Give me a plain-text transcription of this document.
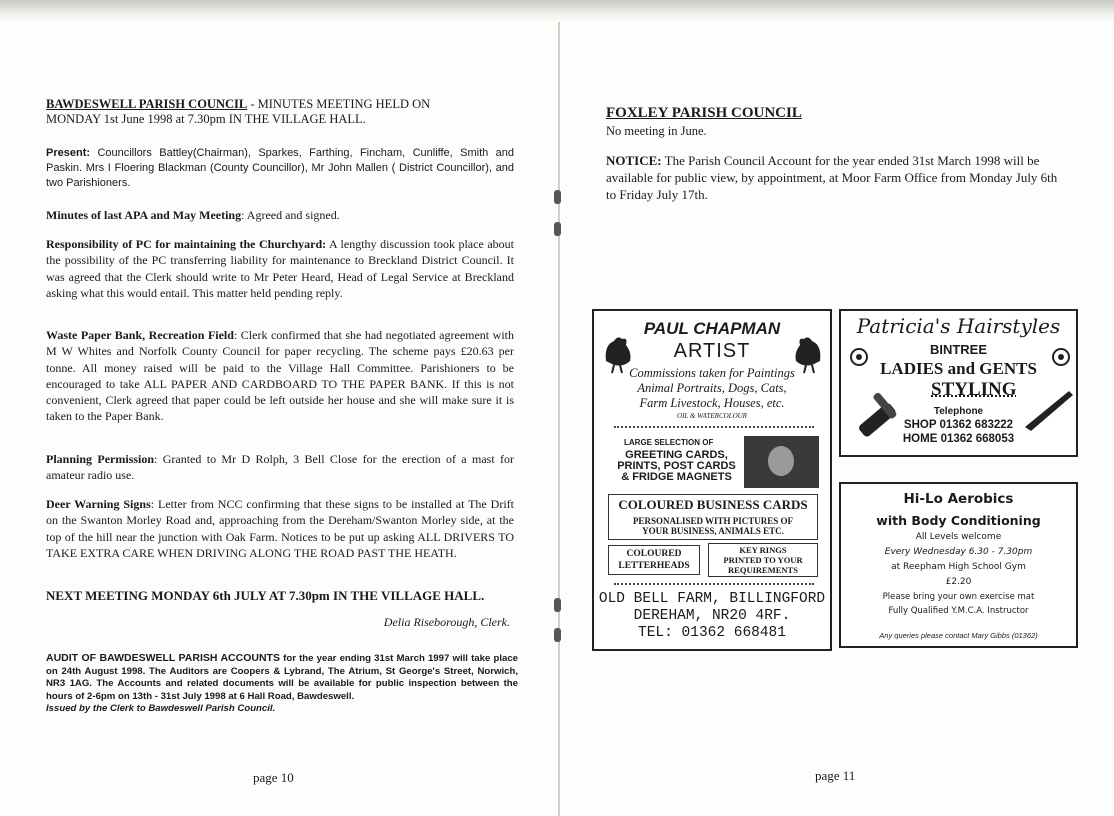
BAWDESWELL PARISH COUNCIL - MINUTES MEETING HELD ON
MONDAY 1st June 1998 at 7.30pm IN THE VILLAGE HALL.
Present: Councillors Battley(Chairman), Sparkes, Farthing, Fincham, Cunliffe, Smith and Paskin. Mrs I Floering Blackman (County Councillor), Mr John Mallen ( District Councillor), and two Parishioners.
Minutes of last APA and May Meeting: Agreed and signed.
Responsibility of PC for maintaining the Churchyard: A lengthy discussion took place about the possibility of the PC transferring liability for maintenance to Breckland District Council. It was agreed that the Clerk should write to Mr Peter Heard, Head of Legal Service at Breckland asking what this would entail. This matter held pending reply.
Waste Paper Bank, Recreation Field: Clerk confirmed that she had negotiated agreement with M W Whites and Norfolk County Council for paper recycling. The scheme pays £20.63 per tonne. All money raised will be paid to the Village Hall Committee. Parishioners to be encouraged to take ALL PAPER AND CARDBOARD TO THE PAPER BANK. If this is not convenient, Clerk agreed that paper could be left outside her house and she will make sure it is taken to the Paper Bank.
Planning Permission: Granted to Mr D Rolph, 3 Bell Close for the erection of a mast for amateur radio use.
Deer Warning Signs: Letter from NCC confirming that these signs to be installed at The Drift on the Swanton Morley Road and, approaching from the Dereham/Swanton Morley side, at the top of the hill near the junction with Oak Farm. Notices to be put up asking ALL DRIVERS TO TAKE EXTRA CARE WHEN DRIVING ALONG THE ROAD PAST THE HEATH.
NEXT MEETING MONDAY 6th JULY AT 7.30pm IN THE VILLAGE HALL.
Delia Riseborough, Clerk.
AUDIT OF BAWDESWELL PARISH ACCOUNTS for the year ending 31st March 1997 will take place on 24th August 1998. The Auditors are Coopers & Lybrand, The Atrium, St George's Street, Norwich, NR3 1AG. The Accounts and related documents will be available for public inspection between the hours of 2-6pm on 13th - 31st July 1998 at 6 Hall Road, Bawdeswell.
Issued by the Clerk to Bawdeswell Parish Council.
page 10
FOXLEY PARISH COUNCIL
No meeting in June.
NOTICE: The Parish Council Account for the year ended 31st March 1998 will be available for public view, by appointment, at Moor Farm Office from Monday July 6th to Friday July 17th.
PAUL CHAPMAN
ARTIST
Commissions taken for Paintings
Animal Portraits, Dogs, Cats,
Farm Livestock, Houses, etc.
OIL & WATERCOLOUR
LARGE SELECTION OF
GREETING CARDS,
PRINTS, POST CARDS
& FRIDGE MAGNETS
COLOURED BUSINESS CARDS
PERSONALISED WITH PICTURES OF
YOUR BUSINESS, ANIMALS ETC.
COLOURED
LETTERHEADS
KEY RINGS
PRINTED TO YOUR
REQUIREMENTS
OLD BELL FARM, BILLINGFORD
DEREHAM, NR20 4RF.
TEL: 01362 668481
Patricia's Hairstyles
BINTREE
LADIES and GENTS
STYLING
Telephone
SHOP 01362 683222
HOME 01362 668053
Hi-Lo Aerobics
with Body Conditioning
All Levels welcome
Every Wednesday 6.30 - 7.30pm
at Reepham High School Gym
£2.20
Please bring your own exercise mat
Fully Qualified Y.M.C.A. Instructor
Any queries please contact Mary Gibbs (01362)
page 11
